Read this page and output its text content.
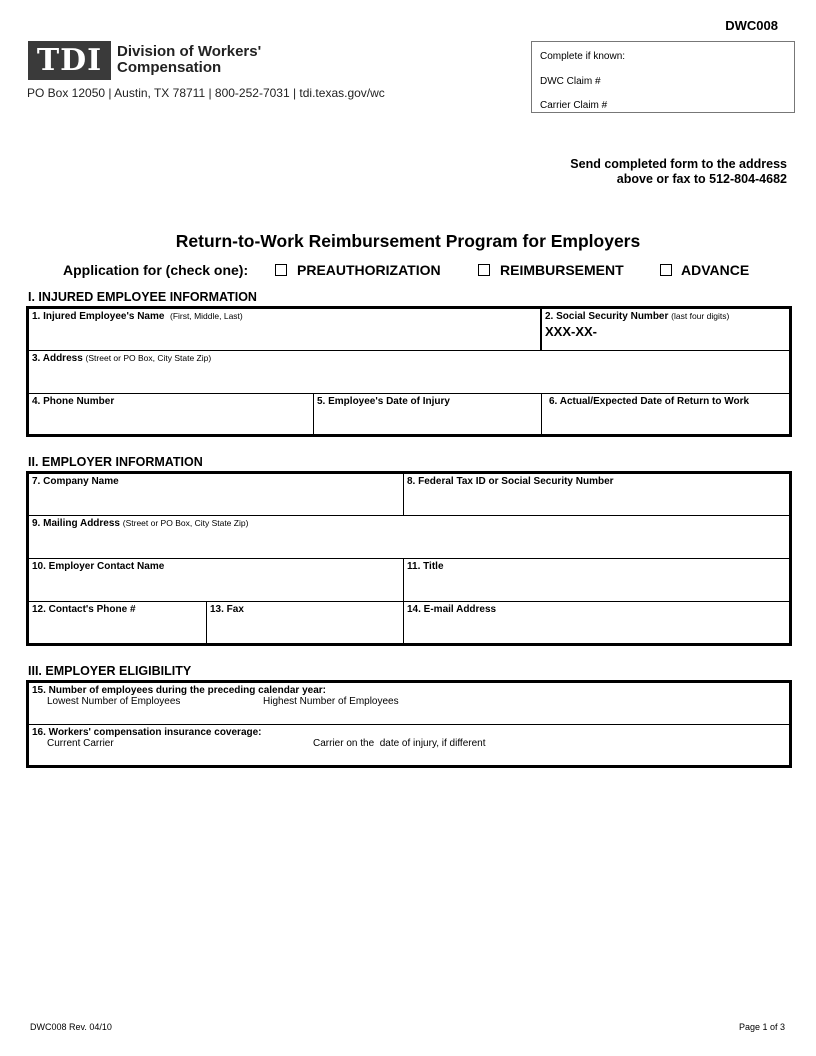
DWC008
TDI Division of Workers'
Compensation
PO Box 12050 | Austin, TX 78711 | 800-252-7031 | tdi.texas.gov/wc
Complete if known:
DWC Claim #
Carrier Claim #
Send completed form to the address
above or fax to 512-804-4682
Return-to-Work Reimbursement Program for Employers
Application for (check one):	PREAUTHORIZATION	REIMBURSEMENT	ADVANCE
I. INJURED EMPLOYEE INFORMATION
1. Injured Employee's Name (First, Middle, Last)	2. Social Security Number (last four digits)
XXX-XX-
3. Address (Street or PO Box, City State Zip)
4. Phone Number	5. Employee's Date of Injury	6. Actual/Expected Date of Return to Work
II. EMPLOYER INFORMATION
7. Company Name	8. Federal Tax ID or Social Security Number
9. Mailing Address (Street or PO Box, City State Zip)
10. Employer Contact Name	11. Title
12. Contact's Phone #	13. Fax	14. E-mail Address
III. EMPLOYER ELIGIBILITY
15. Number of employees during the preceding calendar year:
Lowest Number of Employees	Highest Number of Employees
16. Workers' compensation insurance coverage:
Current Carrier	Carrier on the  date of injury, if different
DWC008 Rev. 04/10	Page 1 of 3
